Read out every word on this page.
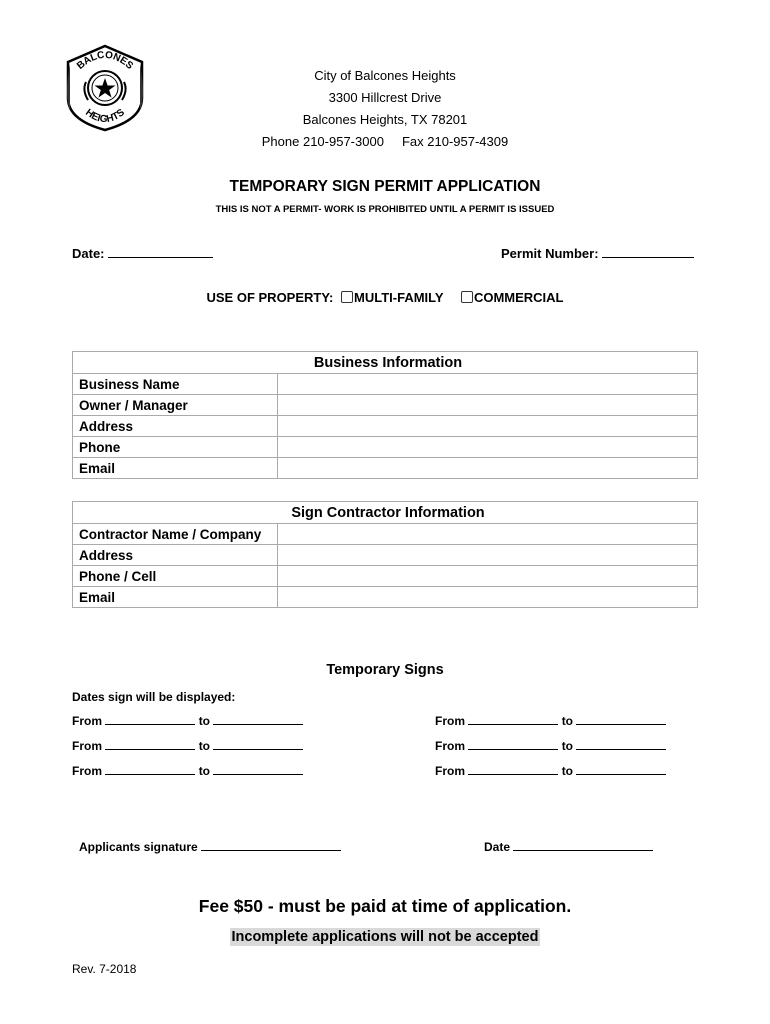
BALCONES
HEIGHTS
City of Balcones Heights
3300 Hillcrest Drive
Balcones Heights, TX 78201
Phone 210-957-3000     Fax 210-957-4309
TEMPORARY SIGN PERMIT APPLICATION
THIS IS NOT A PERMIT- WORK IS PROHIBITED UNTIL A PERMIT IS ISSUED
Date:	Permit Number:
USE OF PROPERTY: MULTI-FAMILY COMMERCIAL
Business Information	
Business Name	
Owner / Manager	
Address	
Phone	
Email	
Sign Contractor Information	
Contractor Name / Company	
Address	
Phone / Cell	
Email	
Temporary Signs
Dates sign will be displayed:
From	to	From	to
From	to	From	to
From	to	From	to
Applicants signature	Date
Fee $50 - must be paid at time of application.
Incomplete applications will not be accepted
Rev. 7-2018
